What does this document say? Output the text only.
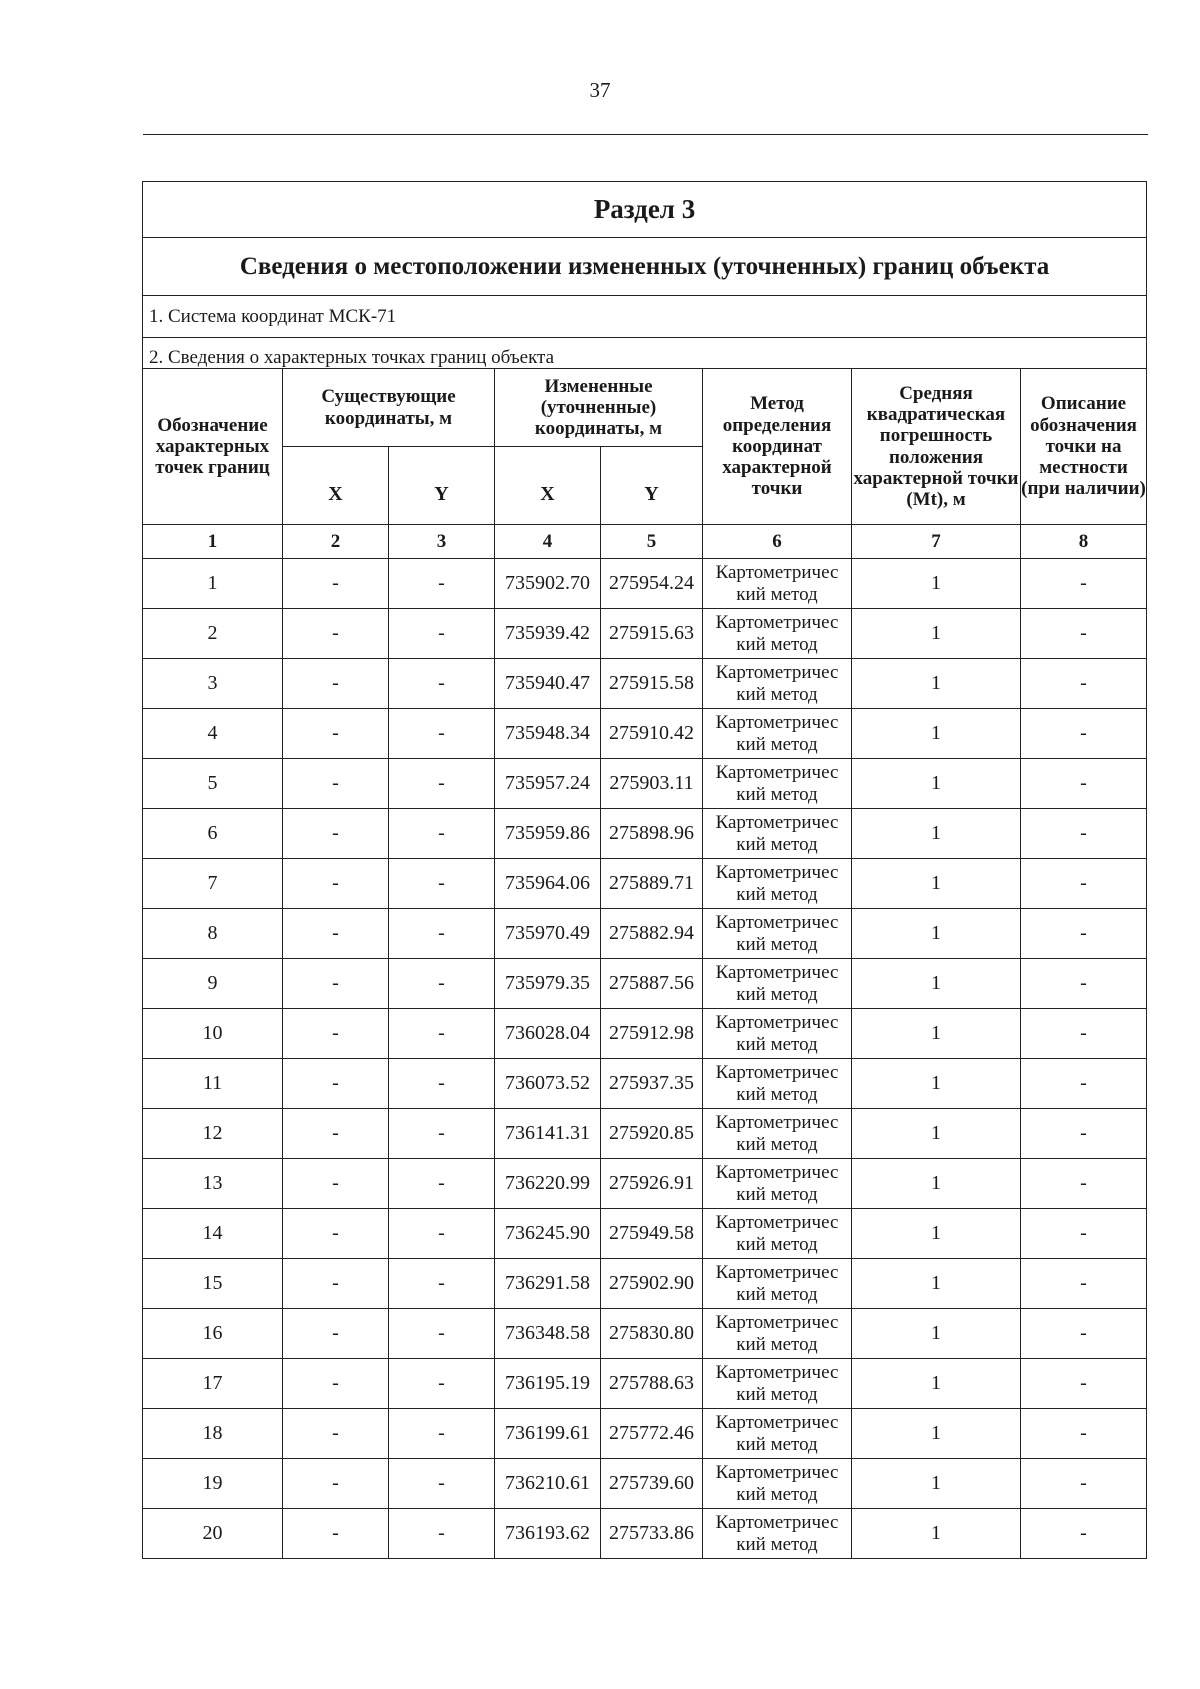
37
Раздел 3							
Сведения о местоположении измененных (уточненных) границ объекта							
1. Система координат МСК-71							
2. Сведения о характерных точках границ объекта							
Обозначение характерных точек границ	Существующие координаты, м		Измененные (уточненные) координаты, м		Метод определения координат характерной точки	Средняя квадратическая погрешность положения характерной точки (Mt), м	Описание обозначения точки на местности (при наличии)
	X	Y	X	Y			
1	2	3	4	5	6	7	8
1	-	-	735902.70	275954.24	Картометричес кий метод	1	-
2	-	-	735939.42	275915.63	Картометричес кий метод	1	-
3	-	-	735940.47	275915.58	Картометричес кий метод	1	-
4	-	-	735948.34	275910.42	Картометричес кий метод	1	-
5	-	-	735957.24	275903.11	Картометричес кий метод	1	-
6	-	-	735959.86	275898.96	Картометричес кий метод	1	-
7	-	-	735964.06	275889.71	Картометричес кий метод	1	-
8	-	-	735970.49	275882.94	Картометричес кий метод	1	-
9	-	-	735979.35	275887.56	Картометричес кий метод	1	-
10	-	-	736028.04	275912.98	Картометричес кий метод	1	-
11	-	-	736073.52	275937.35	Картометричес кий метод	1	-
12	-	-	736141.31	275920.85	Картометричес кий метод	1	-
13	-	-	736220.99	275926.91	Картометричес кий метод	1	-
14	-	-	736245.90	275949.58	Картометричес кий метод	1	-
15	-	-	736291.58	275902.90	Картометричес кий метод	1	-
16	-	-	736348.58	275830.80	Картометричес кий метод	1	-
17	-	-	736195.19	275788.63	Картометричес кий метод	1	-
18	-	-	736199.61	275772.46	Картометричес кий метод	1	-
19	-	-	736210.61	275739.60	Картометричес кий метод	1	-
20	-	-	736193.62	275733.86	Картометричес кий метод	1	-
